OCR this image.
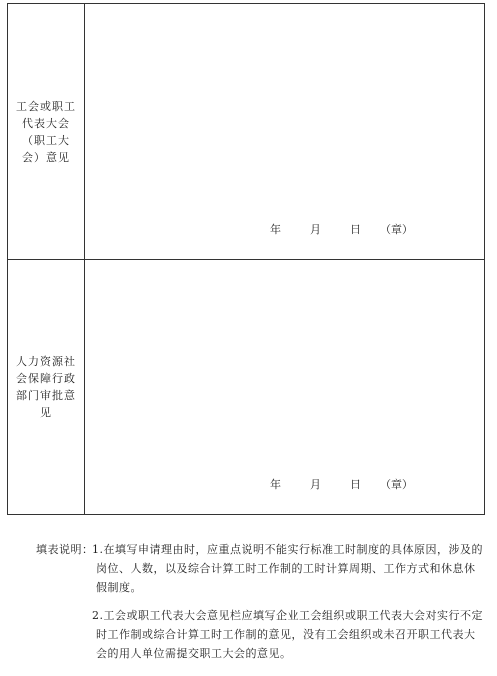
工会或职工代表大会（职工大会）意见
年	月	日	（章）
人力资源社会保障行政部门审批意见
年	月	日	（章）
填表说明：
1.在填写申请理由时，应重点说明不能实行标准工时制度的具体原因，涉及的岗位、人数，以及综合计算工时工作制的工时计算周期、工作方式和休息休假制度。
2.工会或职工代表大会意见栏应填写企业工会组织或职工代表大会对实行不定时工作制或综合计算工时工作制的意见，没有工会组织或未召开职工代表大会的用人单位需提交职工大会的意见。
